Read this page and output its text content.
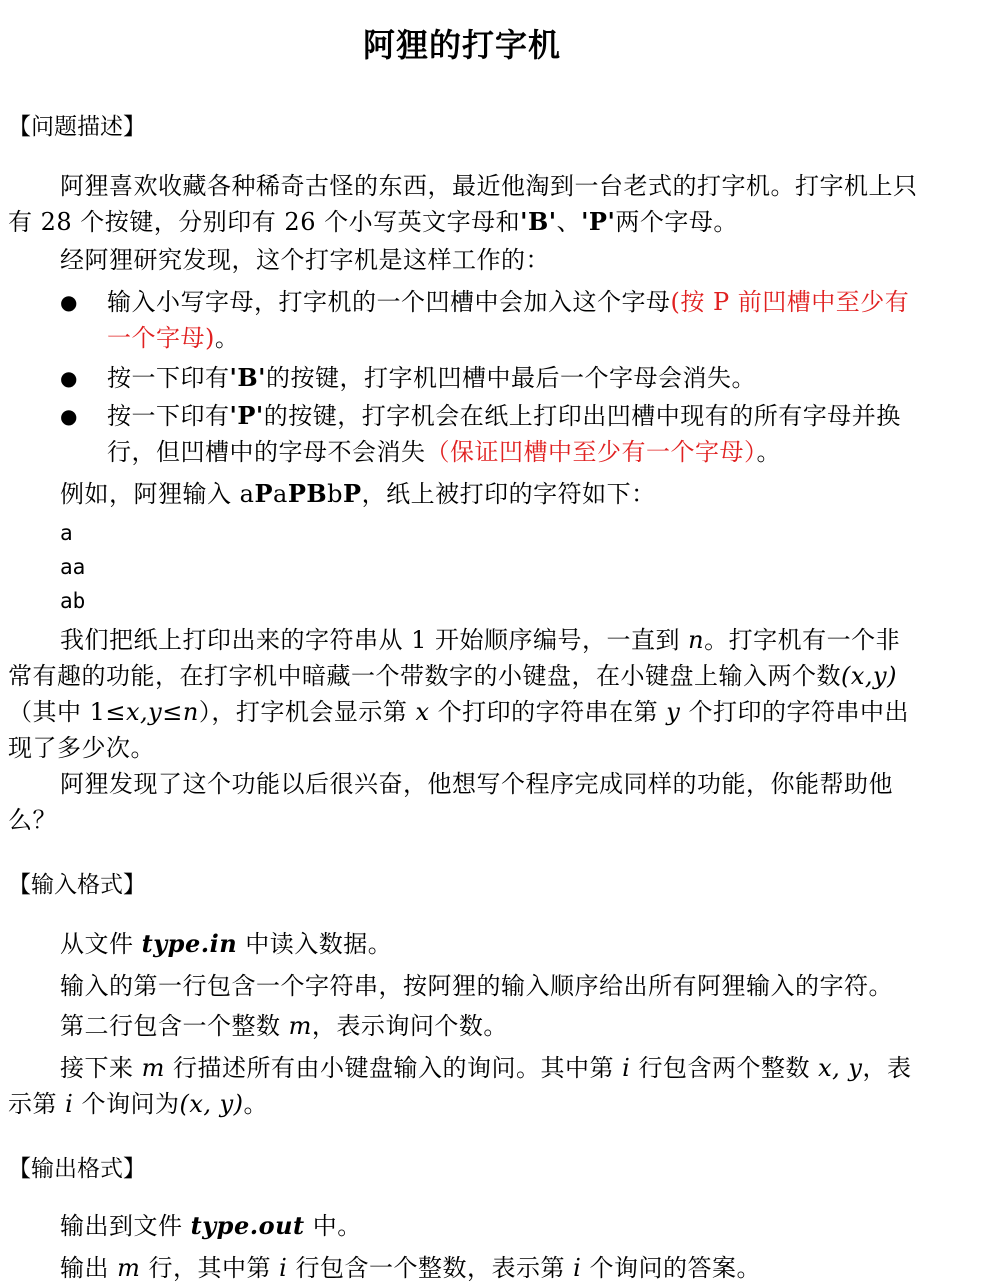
阿狸的打字机
【问题描述】
阿狸喜欢收藏各种稀奇古怪的东西，最近他淘到一台老式的打字机。打字机上只有 28 个按键，分别印有 26 个小写英文字母和'B'、'P'两个字母。
经阿狸研究发现，这个打字机是这样工作的：
●	输入小写字母，打字机的一个凹槽中会加入这个字母(按 P 前凹槽中至少有一个字母)。
●	按一下印有'B'的按键，打字机凹槽中最后一个字母会消失。
●	按一下印有'P'的按键，打字机会在纸上打印出凹槽中现有的所有字母并换行，但凹槽中的字母不会消失（保证凹槽中至少有一个字母）。
例如，阿狸输入 aPaPBbP，纸上被打印的字符如下：
a
aa
ab
我们把纸上打印出来的字符串从 1 开始顺序编号，一直到 n。打字机有一个非常有趣的功能，在打字机中暗藏一个带数字的小键盘，在小键盘上输入两个数(x,y)（其中 1≤x,y≤n），打字机会显示第 x 个打印的字符串在第 y 个打印的字符串中出现了多少次。
阿狸发现了这个功能以后很兴奋，他想写个程序完成同样的功能，你能帮助他么？
【输入格式】
从文件 type.in 中读入数据。
输入的第一行包含一个字符串，按阿狸的输入顺序给出所有阿狸输入的字符。
第二行包含一个整数 m，表示询问个数。
接下来 m 行描述所有由小键盘输入的询问。其中第 i 行包含两个整数 x, y，表示第 i 个询问为(x, y)。
【输出格式】
输出到文件 type.out 中。
输出 m 行，其中第 i 行包含一个整数，表示第 i 个询问的答案。
